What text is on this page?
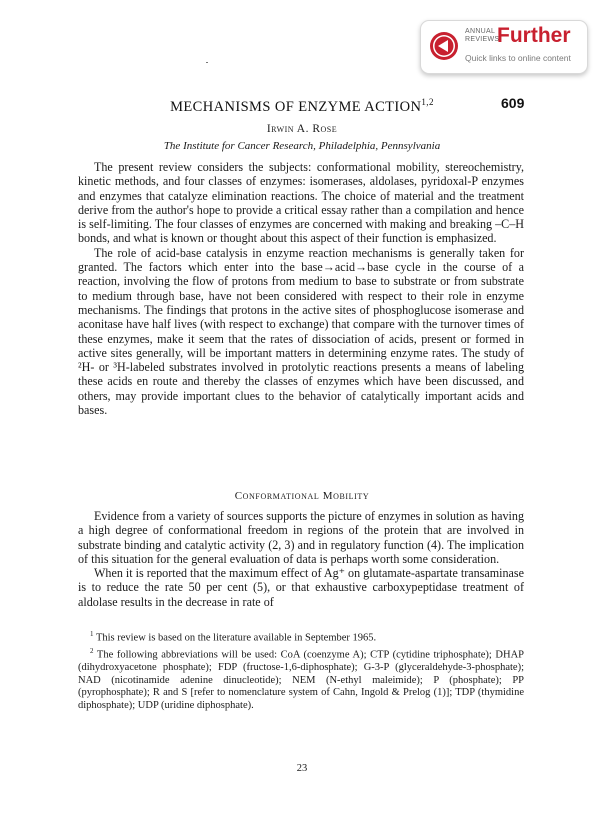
ANNUAL REVIEWS
Further
Quick links to online content
609
MECHANISMS OF ENZYME ACTION$^{1,2}$
Irwin A. Rose
The Institute for Cancer Research, Philadelphia, Pennsylvania

The present review considers the subjects: conformational mobility, stereochemistry, kinetic methods, and four classes of enzymes: isomerases, aldolases, pyridoxal-P enzymes and enzymes that catalyze elimination reactions. The choice of material and the treatment derive from the author's hope to provide a critical essay rather than a compilation and hence is self-limiting. The four classes of enzymes are concerned with making and breaking –C–H bonds, and what is known or thought about this aspect of their function is emphasized.

The role of acid-base catalysis in enzyme reaction mechanisms is generally taken for granted. The factors which enter into the base→acid→base cycle in the course of a reaction, involving the flow of protons from medium to base to substrate or from substrate to medium through base, have not been considered with respect to their role in enzyme mechanisms. The findings that protons in the active sites of phosphoglucose isomerase and aconitase have half lives (with respect to exchange) that compare with the turnover times of these enzymes, make it seem that the rates of dissociation of acids, present or formed in active sites generally, will be important matters in determining enzyme rates. The study of ²H- or ³H-labeled substrates involved in protolytic reactions presents a means of labeling these acids en route and thereby the classes of enzymes which have been discussed, and others, may provide important clues to the behavior of catalytically important acids and bases.

Conformational Mobility

Evidence from a variety of sources supports the picture of enzymes in solution as having a high degree of conformational freedom in regions of the protein that are involved in substrate binding and catalytic activity (2, 3) and in regulatory function (4). The implication of this situation for the general evaluation of data is perhaps worth some consideration.

When it is reported that the maximum effect of Ag⁺ on glutamate-aspartate transaminase is to reduce the rate 50 per cent (5), or that exhaustive carboxypeptidase treatment of aldolase results in the decrease in rate of

$^1$ This review is based on the literature available in September 1965.

$^2$ The following abbreviations will be used: CoA (coenzyme A); CTP (cytidine triphosphate); DHAP (dihydroxyacetone phosphate); FDP (fructose-1,6-diphosphate); G-3-P (glyceraldehyde-3-phosphate); NAD (nicotinamide adenine dinucleotide); NEM (N-ethyl maleimide); P (phosphate); PP (pyrophosphate); R and S [refer to nomenclature system of Cahn, Ingold & Prelog (1)]; TDP (thymidine diphosphate); UDP (uridine diphosphate).

23
